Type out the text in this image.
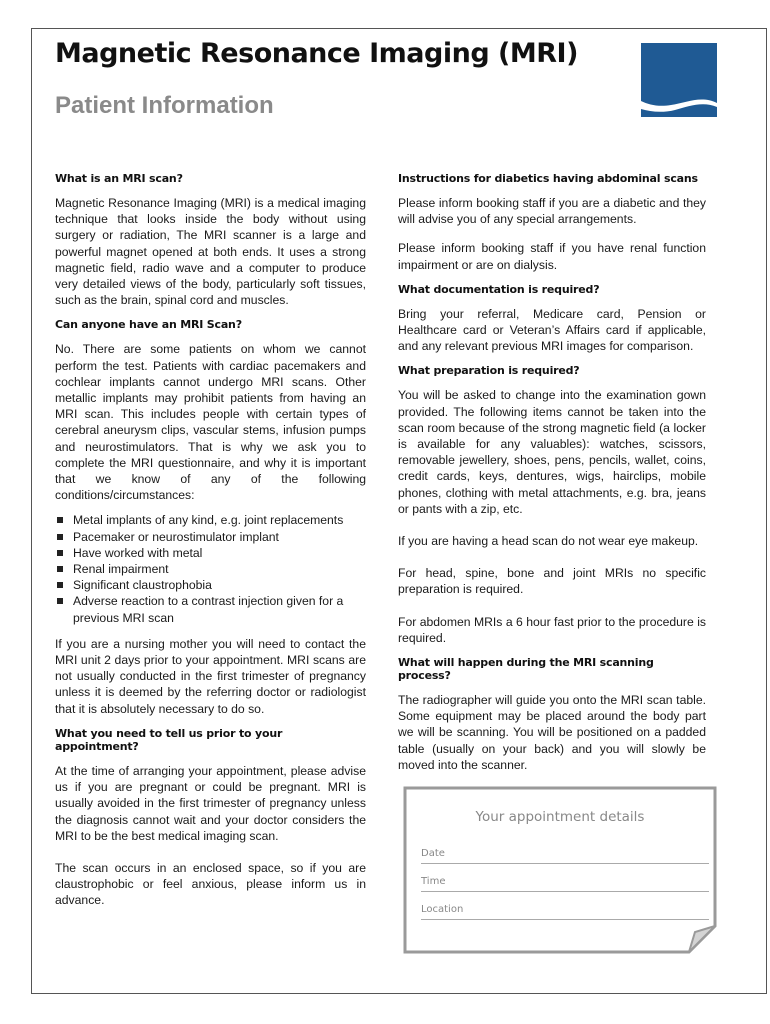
Magnetic Resonance Imaging (MRI)
Patient Information
What is an MRI scan?

Magnetic Resonance Imaging (MRI) is a medical imaging technique that looks inside the body without using surgery or radiation, The MRI scanner is a large and powerful magnet opened at both ends. It uses a strong magnetic field, radio wave and a computer to produce very detailed views of the body, particularly soft tissues, such as the brain, spinal cord and muscles.

Can anyone have an MRI Scan?

No. There are some patients on whom we cannot perform the test. Patients with cardiac pacemakers and cochlear implants cannot undergo MRI scans. Other metallic implants may prohibit patients from having an MRI scan. This includes people with certain types of cerebral aneurysm clips, vascular stems, infusion pumps and neurostimulators. That is why we ask you to complete the MRI questionnaire, and why it is important that we know of any of the following conditions/circumstances:

Metal implants of any kind, e.g. joint replacements
Pacemaker or neurostimulator implant
Have worked with metal
Renal impairment
Significant claustrophobia
Adverse reaction to a contrast injection given for a previous MRI scan

If you are a nursing mother you will need to contact the MRI unit 2 days prior to your appointment. MRI scans are not usually conducted in the first trimester of pregnancy unless it is deemed by the referring doctor or radiologist that it is absolutely necessary to do so.

What you need to tell us prior to your appointment?

At the time of arranging your appointment, please advise us if you are pregnant or could be pregnant. MRI is usually avoided in the first trimester of pregnancy unless the diagnosis cannot wait and your doctor considers the MRI to be the best medical imaging scan.

The scan occurs in an enclosed space, so if you are claustrophobic or feel anxious, please inform us in advance.

Instructions for diabetics having abdominal scans

Please inform booking staff if you are a diabetic and they will advise you of any special arrangements.

Please inform booking staff if you have renal function impairment or are on dialysis.

What documentation is required?

Bring your referral, Medicare card, Pension or Healthcare card or Veteran’s Affairs card if applicable, and any relevant previous MRI images for comparison.

What preparation is required?

You will be asked to change into the examination gown provided. The following items cannot be taken into the scan room because of the strong magnetic field (a locker is available for any valuables): watches, scissors, removable jewellery, shoes, pens, pencils, wallet, coins, credit cards, keys, dentures, wigs, hairclips, mobile phones, clothing with metal attachments, e.g. bra, jeans or pants with a zip, etc.

If you are having a head scan do not wear eye makeup.

For head, spine, bone and joint MRIs no specific preparation is required.

For abdomen MRIs a 6 hour fast prior to the procedure is required.

What will happen during the MRI scanning process?

The radiographer will guide you onto the MRI scan table. Some equipment may be placed around the body part we will be scanning. You will be positioned on a padded table (usually on your back) and you will slowly be moved into the scanner.

Your appointment details

Date
Time
Location
